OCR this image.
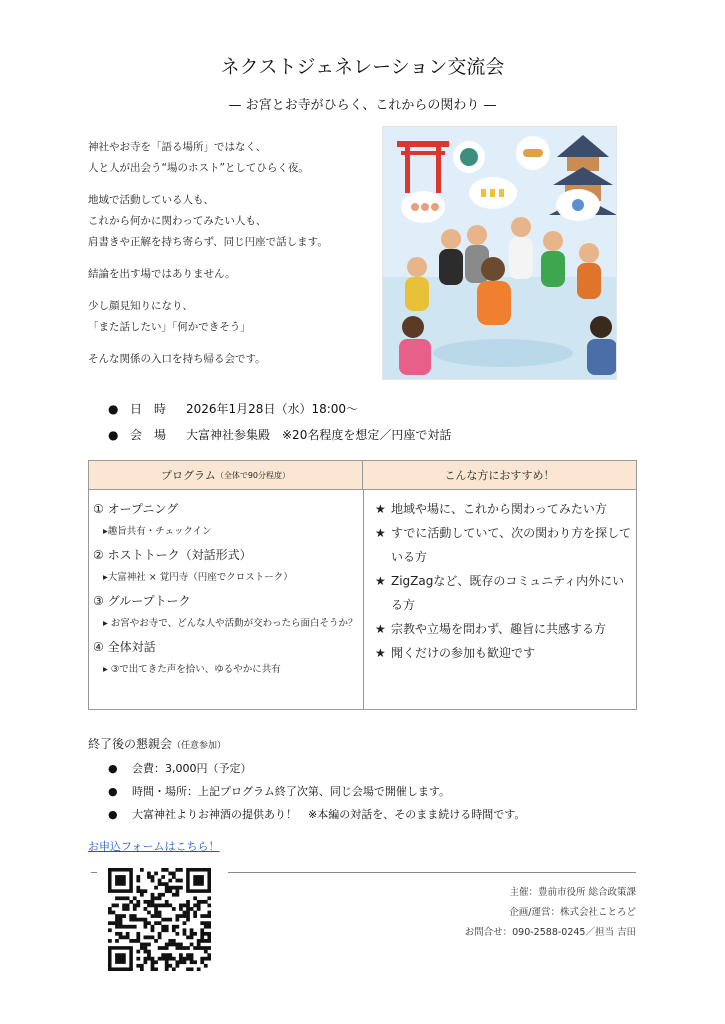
ネクストジェネレーション交流会
— お宮とお寺がひらく、これからの関わり —

神社やお寺を「語る場所」ではなく、
人と人が出会う“場のホスト”としてひらく夜。

地域で活動している人も、
これから何かに関わってみたい人も、
肩書きや正解を持ち寄らず、同じ円座で話します。

結論を出す場ではありません。

少し顔見知りになり、
「また話したい」「何かできそう」

そんな関係の入口を持ち帰る会です。

● 日時 2026年1月28日（水）18:00〜
● 会場 大富神社参集殿　※20名程度を想定／円座で対話
プログラム （全体で90分程度）	こんな方におすすめ！
① オープニング
▸趣旨共有・チェックイン
② ホストトーク（対話形式）
▸大富神社 × 覚円寺（円座でクロストーク）
③ グループトーク
▸ お宮やお寺で、どんな人や活動が交わったら面白そうか？
④ 全体対話
▸ ③で出てきた声を拾い、ゆるやかに共有
★ 地域や場に、これから関わってみたい方
★ すでに活動していて、次の関わり方を探している方
★ ZigZagなど、既存のコミュニティ内外にいる方
★ 宗教や立場を問わず、趣旨に共感する方
★ 聞くだけの参加も歓迎です
終了後の懇親会（任意参加）
● 会費：3,000円（予定）
● 時間・場所：上記プログラム終了次第、同じ会場で開催します。
● 大富神社よりお神酒の提供あり！　※本編の対話を、そのまま続ける時間です。
お申込フォームはこちら！
主催：豊前市役所 総合政策課
企画/運営：株式会社ことろど
お問合せ：090-2588-0245／担当 吉田
